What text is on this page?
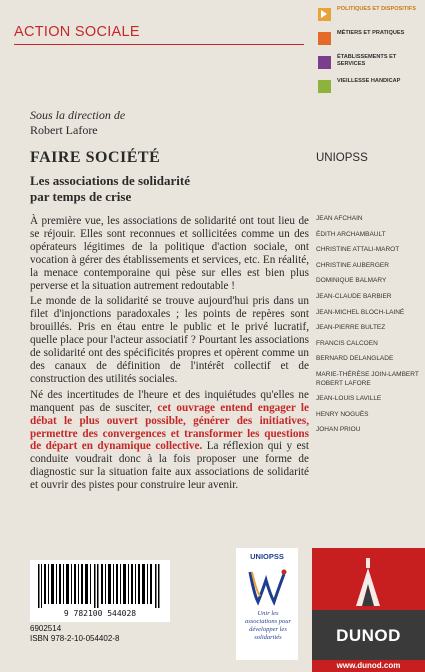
ACTION SOCIALE
POLITIQUES ET DISPOSITIFS
MÉTIERS ET PRATIQUES
ÉTABLISSEMENTS ET SERVICES
VIEILLESSE HANDICAP
Sous la direction de
Robert Lafore
FAIRE SOCIÉTÉ
Les associations de solidarité
par temps de crise
UNIOPSS

À première vue, les associations de solidarité ont tout lieu de se réjouir. Elles sont reconnues et sollicitées comme un des opérateurs légitimes de la politique d'action sociale, ont vocation à gérer des établissements et services, etc. En réalité, la menace contemporaine qui pèse sur elles est bien plus perverse et la situation autrement redoutable !

Le monde de la solidarité se trouve aujourd'hui pris dans un filet d'injonctions paradoxales ; les points de repères sont brouillés. Pris en étau entre le public et le privé lucratif, quelle place pour l'acteur associatif ? Pourtant les associations de solidarité ont des spécificités propres et opèrent comme un des canaux de définition de l'intérêt collectif et de construction des utilités sociales.

Né des incertitudes de l'heure et des inquiétudes qu'elles ne manquent pas de susciter, cet ouvrage entend engager le débat le plus ouvert possible, générer des initiatives, permettre des convergences et transformer les questions de départ en dynamique collective. La réflexion qui y est conduite voudrait donc à la fois proposer une forme de diagnostic sur la situation faite aux associations de solidarité et ouvrir des pistes pour construire leur avenir.

JEAN AFCHAIN
ÉDITH ARCHAMBAULT
CHRISTINE ATTALI-MAROT
CHRISTINE AUBERGER
DOMINIQUE BALMARY
JEAN-CLAUDE BARBIER
JEAN-MICHEL BLOCH-LAINÉ
JEAN-PIERRE BULTEZ
FRANCIS CALCOEN
BERNARD DELANGLADE
MARIE-THÉRÈSE JOIN-LAMBERT
ROBERT LAFORE
JEAN-LOUIS LAVILLE
HENRY NOGUÈS
JOHAN PRIOU
9 782100 544028
6902514
ISBN 978-2-10-054402-8
UNIOPSS
Unir les associations pour développer les solidarités	DUNOD
www.dunod.com
